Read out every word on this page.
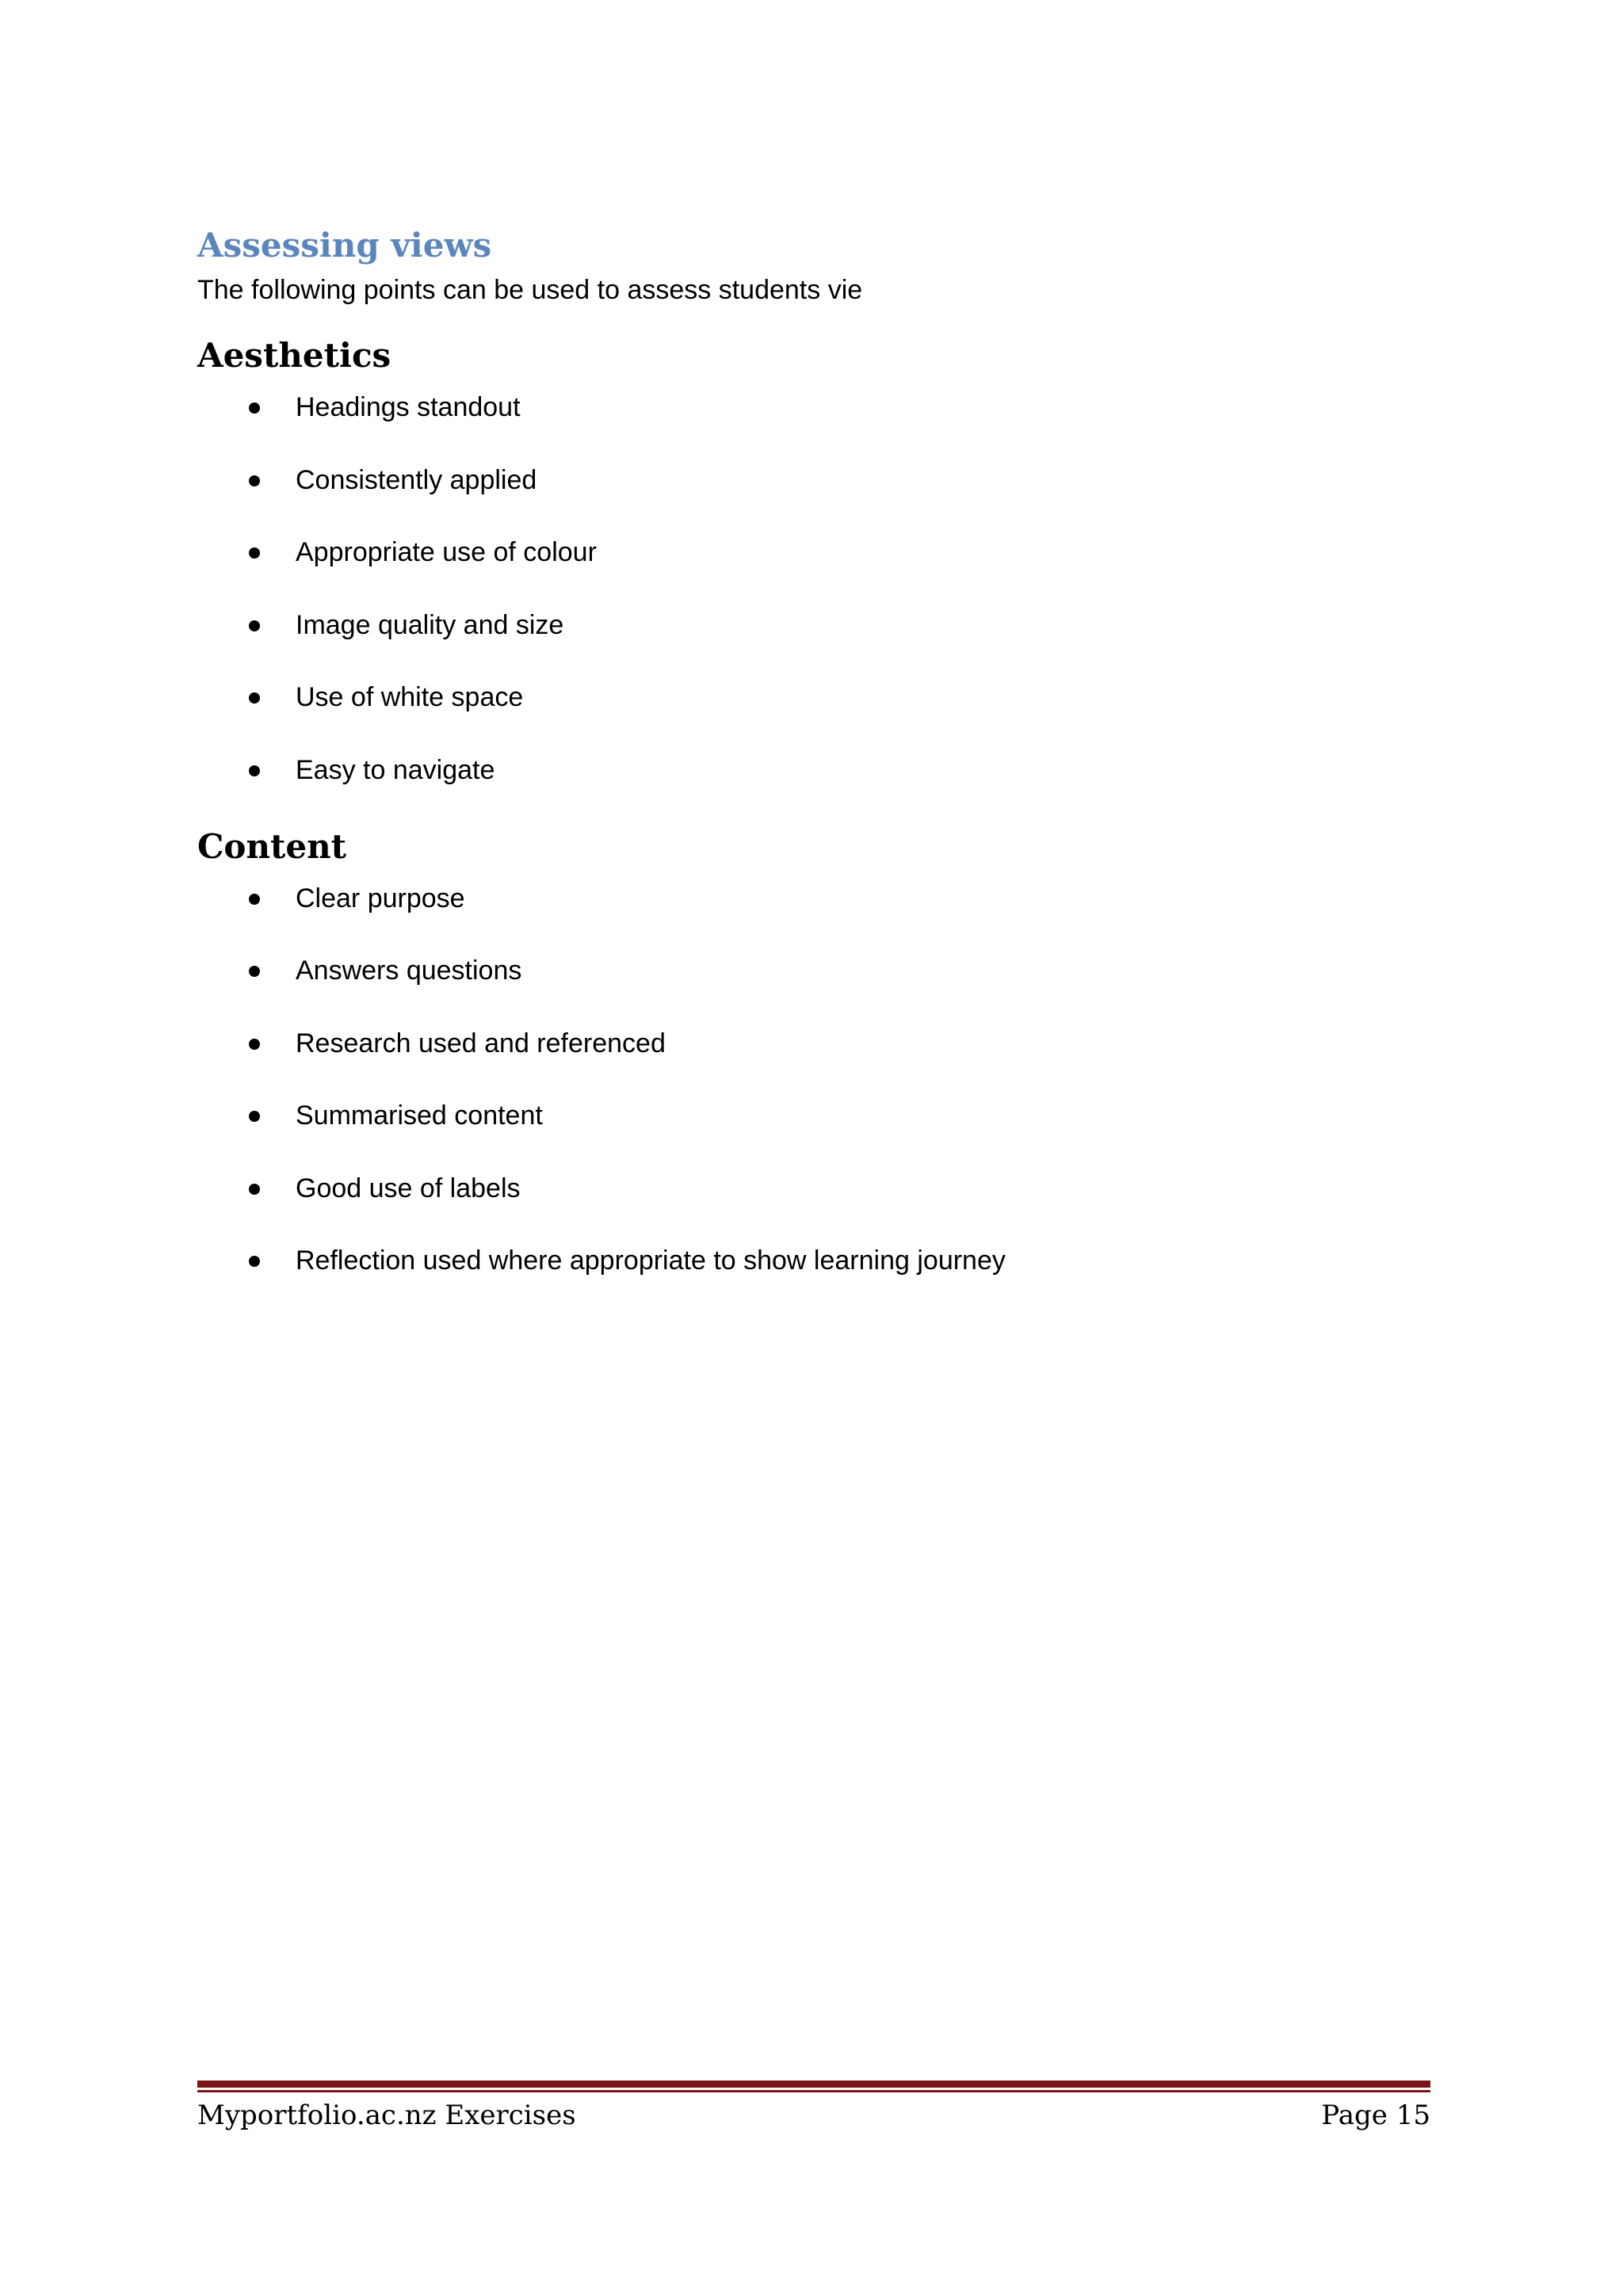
Assessing views

The following points can be used to assess students vie

Aesthetics
Headings standout
Consistently applied
Appropriate use of colour
Image quality and size
Use of white space
Easy to navigate
Content
Clear purpose
Answers questions
Research used and referenced
Summarised content
Good use of labels
Reflection used where appropriate to show learning journey
Myportfolio.ac.nz Exercises	Page 15
